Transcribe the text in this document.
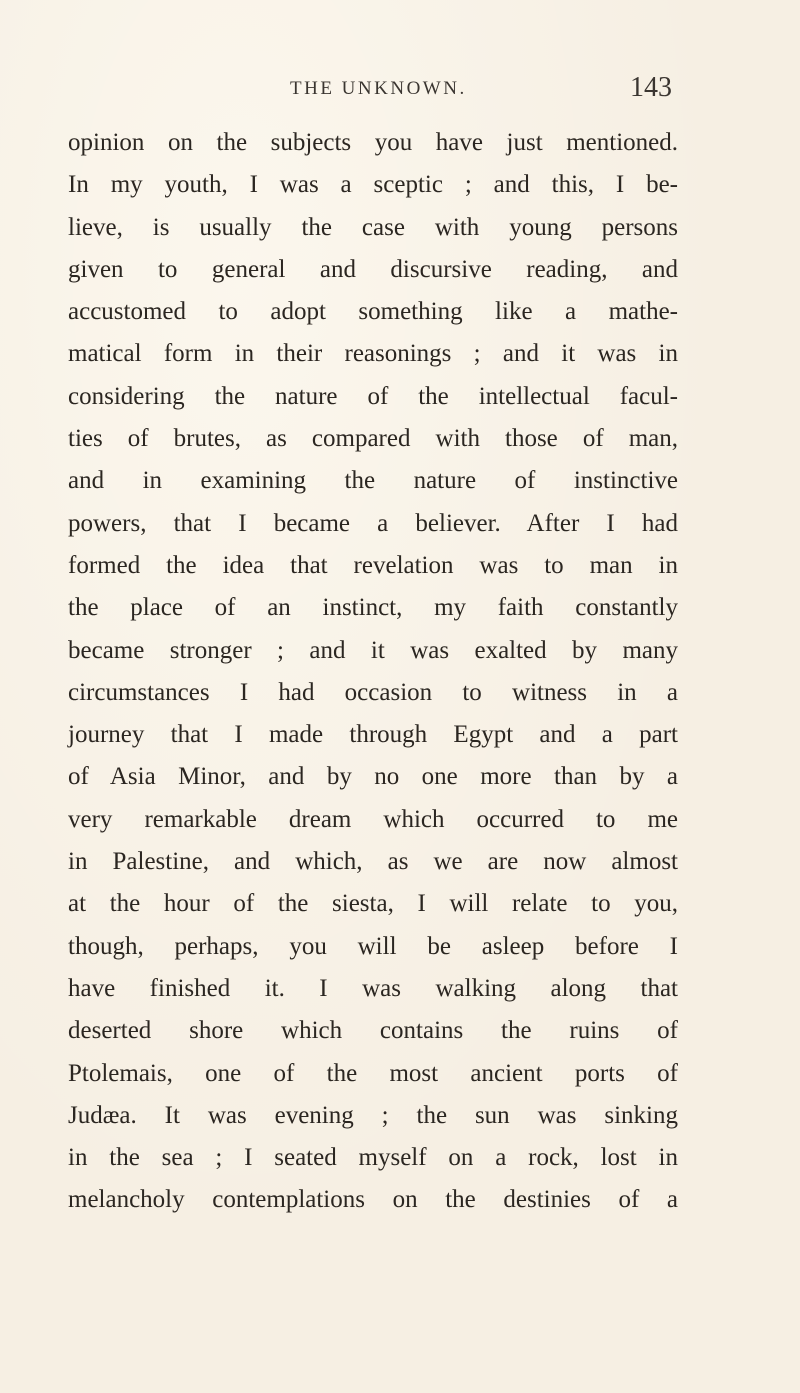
THE UNKNOWN.	143
opinion on the subjects you have just mentioned.
In my youth, I was a sceptic ; and this, I be-
lieve, is usually the case with young persons
given to general and discursive reading, and
accustomed to adopt something like a mathe-
matical form in their reasonings ; and it was in
considering the nature of the intellectual facul-
ties of brutes, as compared with those of man,
and in examining the nature of instinctive
powers, that I became a believer. After I had
formed the idea that revelation was to man in
the place of an instinct, my faith constantly
became stronger ; and it was exalted by many
circumstances I had occasion to witness in a
journey that I made through Egypt and a part
of Asia Minor, and by no one more than by a
very remarkable dream which occurred to me
in Palestine, and which, as we are now almost
at the hour of the siesta, I will relate to you,
though, perhaps, you will be asleep before I
have finished it. I was walking along that
deserted shore which contains the ruins of
Ptolemais, one of the most ancient ports of
Judæa. It was evening ; the sun was sinking
in the sea ; I seated myself on a rock, lost in
melancholy contemplations on the destinies of a
